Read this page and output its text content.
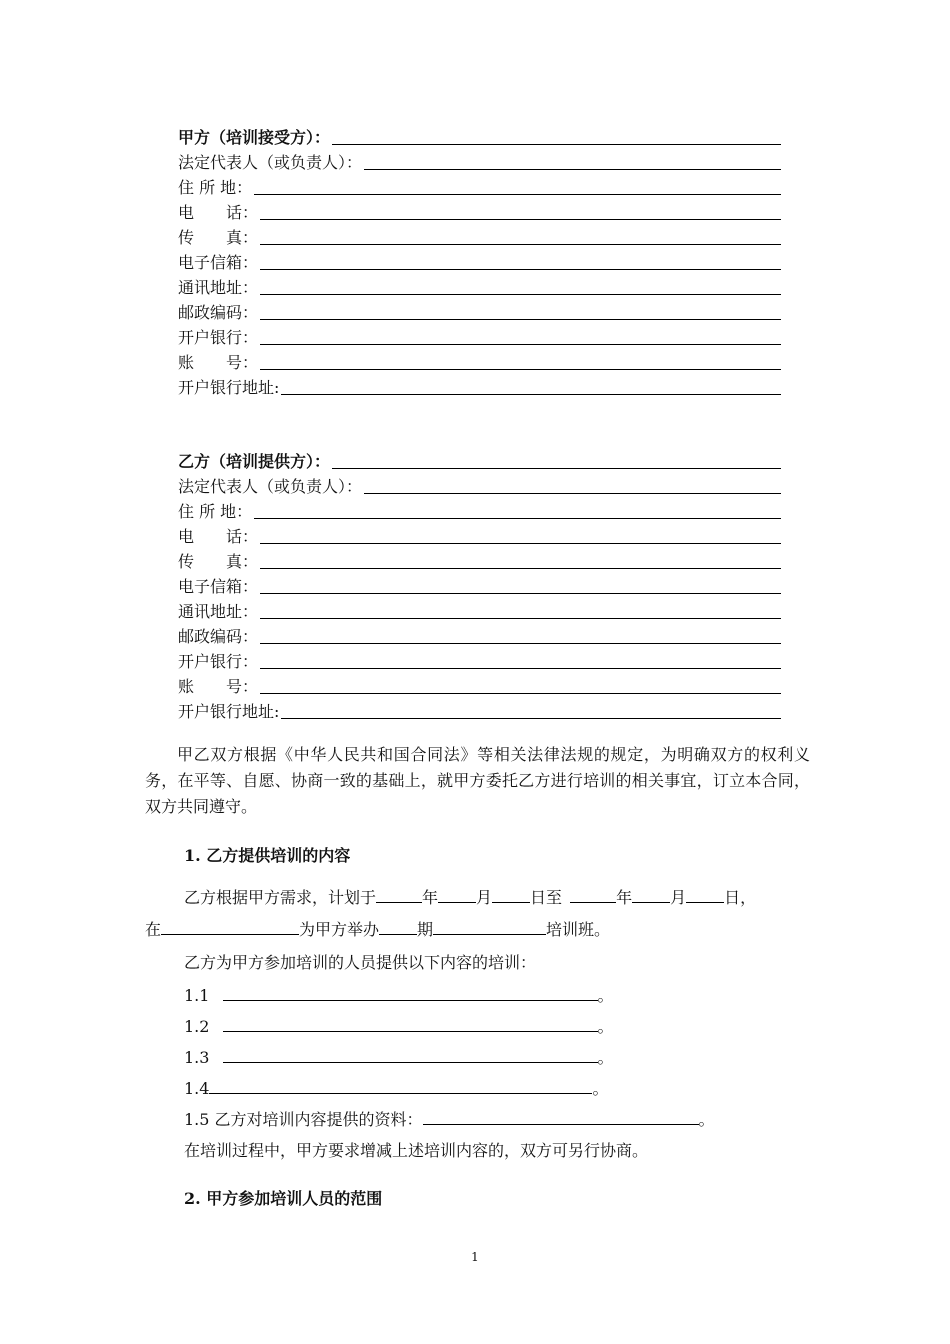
甲方（培训接受方）：
法定代表人（或负责人）：
住 所 地：
电　　话：
传　　真：
电子信箱：
通讯地址：
邮政编码：
开户银行：
账　　号：
开户银行地址:
乙方（培训提供方）：
法定代表人（或负责人）：
住 所 地：
电　　话：
传　　真：
电子信箱：
通讯地址：
邮政编码：
开户银行：
账　　号：
开户银行地址:
甲乙双方根据《中华人民共和国合同法》等相关法律法规的规定，为明确双方的权利义务，在平等、自愿、协商一致的基础上，就甲方委托乙方进行培训的相关事宜，订立本合同，双方共同遵守。
1. 乙方提供培训的内容
乙方根据甲方需求，计划于	年 月 日至	年 月 日，
在	为甲方举办 期	培训班。
乙方为甲方参加培训的人员提供以下内容的培训：
1.1	。
1.2	。
1.3	。
1.4	。
1.5 乙方对培训内容提供的资料：	。
在培训过程中，甲方要求增减上述培训内容的，双方可另行协商。
2. 甲方参加培训人员的范围
1
